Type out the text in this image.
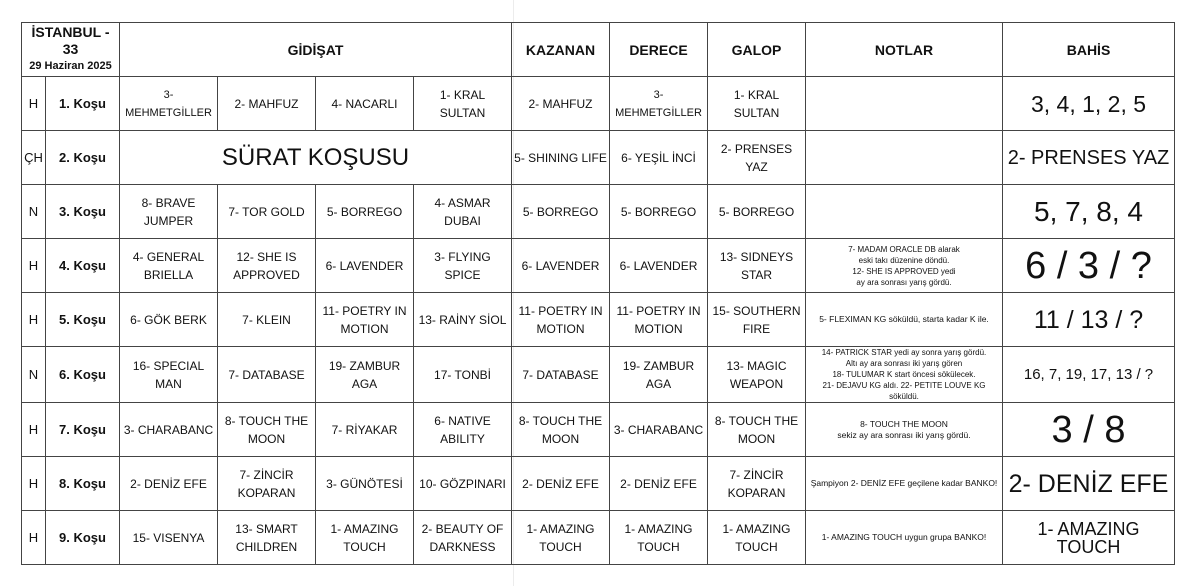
İSTANBUL - 33
29 Haziran 2025		GİDİŞAT				KAZANAN	DERECE	GALOP	NOTLAR	BAHİS
H	1. Koşu	3- MEHMETGİLLER	2- MAHFUZ	4- NACARLI	1- KRAL SULTAN	2- MAHFUZ	3- MEHMETGİLLER	1- KRAL SULTAN		3, 4, 1, 2, 5
ÇH	2. Koşu	SÜRAT KOŞUSU				5- SHINING LIFE	6- YEŞİL İNCİ	2- PRENSES YAZ		2- PRENSES YAZ
N	3. Koşu	8- BRAVE JUMPER	7- TOR GOLD	5- BORREGO	4- ASMAR DUBAI	5- BORREGO	5- BORREGO	5- BORREGO		5, 7, 8, 4
H	4. Koşu	4- GENERAL BRIELLA	12- SHE IS APPROVED	6- LAVENDER	3- FLYING SPICE	6- LAVENDER	6- LAVENDER	13- SIDNEYS STAR	7- MADAM ORACLE DB alarak
eski takı düzenine döndü.
12- SHE IS APPROVED yedi
ay ara sonrası yarış gördü.	6 / 3 / ?
H	5. Koşu	6- GÖK BERK	7- KLEIN	11- POETRY IN MOTION	13- RAİNY SİOL	11- POETRY IN MOTION	11- POETRY IN MOTION	15- SOUTHERN FIRE	5- FLEXIMAN KG söküldü, starta kadar K ile.	11 / 13 / ?
N	6. Koşu	16- SPECIAL MAN	7- DATABASE	19- ZAMBUR AGA	17- TONBİ	7- DATABASE	19- ZAMBUR AGA	13- MAGIC WEAPON	14- PATRICK STAR yedi ay sonra yarış gördü.
Altı ay ara sonrası iki yarış gören
18- TULUMAR K start öncesi sökülecek.
21- DEJAVU KG aldı. 22- PETITE LOUVE KG söküldü.	16, 7, 19, 17, 13 / ?
H	7. Koşu	3- CHARABANC	8- TOUCH THE MOON	7- RİYAKAR	6- NATIVE ABILITY	8- TOUCH THE MOON	3- CHARABANC	8- TOUCH THE MOON	8- TOUCH THE MOON
sekiz ay ara sonrası iki yarış gördü.	3 / 8
H	8. Koşu	2- DENİZ EFE	7- ZİNCİR KOPARAN	3- GÜNÖTESİ	10- GÖZPINARI	2- DENİZ EFE	2- DENİZ EFE	7- ZİNCİR KOPARAN	Şampiyon 2- DENİZ EFE geçilene kadar BANKO!	2- DENİZ EFE
H	9. Koşu	15- VISENYA	13- SMART CHILDREN	1- AMAZING TOUCH	2- BEAUTY OF DARKNESS	1- AMAZING TOUCH	1- AMAZING TOUCH	1- AMAZING TOUCH	1- AMAZING TOUCH uygun grupa BANKO!	1- AMAZING TOUCH
